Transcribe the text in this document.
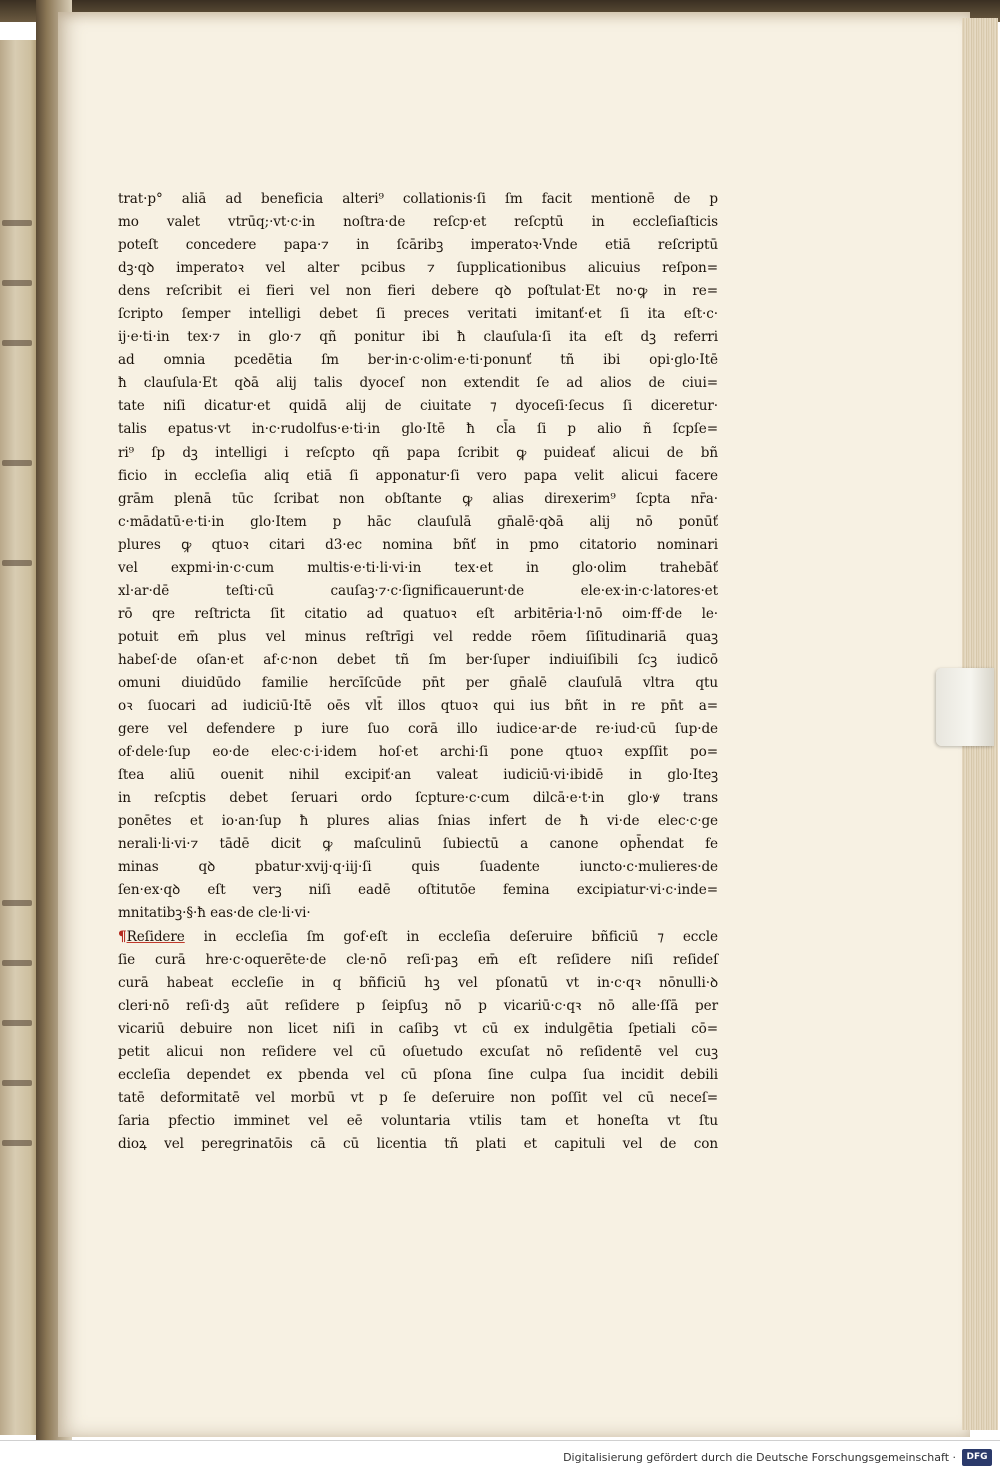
trat·p° aliā ad beneficia alteri⁹ collationis·ſi ſm facit mentionē de p
mo valet vtrūq;·vt·c·in noſtra·de reſcp·et reſcptū in eccleſiaſticis
poteſt concedere papa·⁊ in ſcāribꝫ imperatoꝛ·Vnde etiā reſcriptū
dꝫ·qꝺ imperatoꝛ vel alter pcibus ⁊ ſupplicationibus alicuius reſpon=
dens reſcribit ei fieri vel non fieri debere qꝺ poſtulat·Et no·ꝙ in re=
ſcripto ſemper intelligi debet ſi preces veritati imitanť·et ſi ita eſt·c·
ij·e·ti·in tex·⁊ in glo·⁊ qñ ponitur ibi ħ clauſula·ſi ita eſt dꝫ referri
ad omnia pcedētia ſm ber·in·c·olim·e·ti·ponunť tñ ibi opi·glo·Itē
ħ clauſula·Et qꝺā alij talis dyoceſ non extendit ſe ad alios de ciui=
tate niſi dicatur·et quidā alij de ciuitate ⁊ dyoceſi·ſecus ſi diceretur·
talis epatus·vt in·c·rudolfus·e·ti·in glo·Itē ħ cl̄a ſi p alio ñ ſcpſe=
ri⁹ ſp dꝫ intelligi i reſcpto qñ papa ſcribit ꝙ puideať alicui de bñ
ficio in eccleſia aliq etiā ſi apponatur·ſi vero papa velit alicui facere
grām plenā tūc ſcribat non obſtante ꝙ alias direxerim⁹ ſcpta nr̄a·
c·mādatū·e·ti·in glo·Item p hāc clauſulā gn̄alē·qꝺā alij nō ponūť
plures ꝙ qtuoꝛ citari d3·ec nomina bñť in pmo citatorio nominari
vel expmi·in·c·cum multis·e·ti·li·vi·in tex·et in glo·olim trahebāť
xl·ar·dē teſti·cū cauſaꝫ·⁊·c·ſignificauerunt·de ele·ex·in·c·latores·et
rō qre reſtricta ſit citatio ad quatuoꝛ eſt arbitēria·l·nō oim·ff·de le·
potuit em̄ plus vel minus reſtrīgi vel redde rōem ſiſitudinariā quaꝫ
habeſ·de oſan·et af·c·non debet tñ ſm ber·ſuper indiuiſibili ſcꝫ iudicō
omuni diuidūdo familie hercīſcūde pn̄t per gn̄alē clauſulā vltra qtu
oꝛ ſuocari ad iudiciū·Itē oēs vlt̄ illos qtuoꝛ qui ius bñt in re pn̄t a=
gere vel defendere p iure ſuo corā illo iudice·ar·de re·iud·cū ſup·de
of·dele·ſup eo·de elec·c·i·idem hoſ·et archi·ſi pone qtuoꝛ expſſit po=
ſtea aliū ouenit nihil excipiť·an valeat iudiciū·vi·ibidē in glo·Iteꝫ
in reſcptis debet ſeruari ordo ſcpture·c·cum dilcā·e·t·in glo·ꝟ trans
ponētes et io·an·ſup ħ plures alias ſnias infert de ħ vi·de elec·c·ge
nerali·li·vi·⁊ tādē dicit ꝙ maſculinū ſubiectū a canone oph̄endat fe
minas qꝺ pbatur·xvij·q·iij·ſi quis ſuadente iuncto·c·mulieres·de
ſen·ex·qꝺ eſt verꝫ niſi eadē oſtitutōe femina excipiatur·vi·c·inde=
mnitatibꝫ·§·ħ eas·de cle·li·vi·
¶Reſidere in eccleſia ſm gof·eſt in eccleſia deſeruire bñficiū ⁊ eccle
ſie curā hre·c·oquerēte·de cle·nō reſi·paꝫ em̄ eſt reſidere niſi reſideſ
curā habeat eccleſie in q bñficiū hꝫ vel pſonatū vt in·c·qꝛ nōnulli·ꝺ
cleri·nō reſi·dꝫ aūt reſidere p ſeipſuꝫ nō p vicariū·c·qꝛ nō alle·ſſā per
vicariū debuire non licet niſi in caſibꝫ vt cū ex indulgētia ſpetiali cō=
petit alicui non reſidere vel cū oſuetudo excuſat nō reſidentē vel cuꝫ
eccleſia dependet ex pbenda vel cū pſona ſine culpa ſua incidit debili
tatē deformitatē vel morbū vt p ſe deſeruire non poſſit vel cū neceſ=
ſaria pfectio imminet vel eē voluntaria vtilis tam et honeſta vt ſtu
dioꝝ vel peregrinatōis cā cū licentia tñ plati et capituli vel de con
Digitalisierung gefördert durch die Deutsche Forschungsgemeinschaft ·	DFG
